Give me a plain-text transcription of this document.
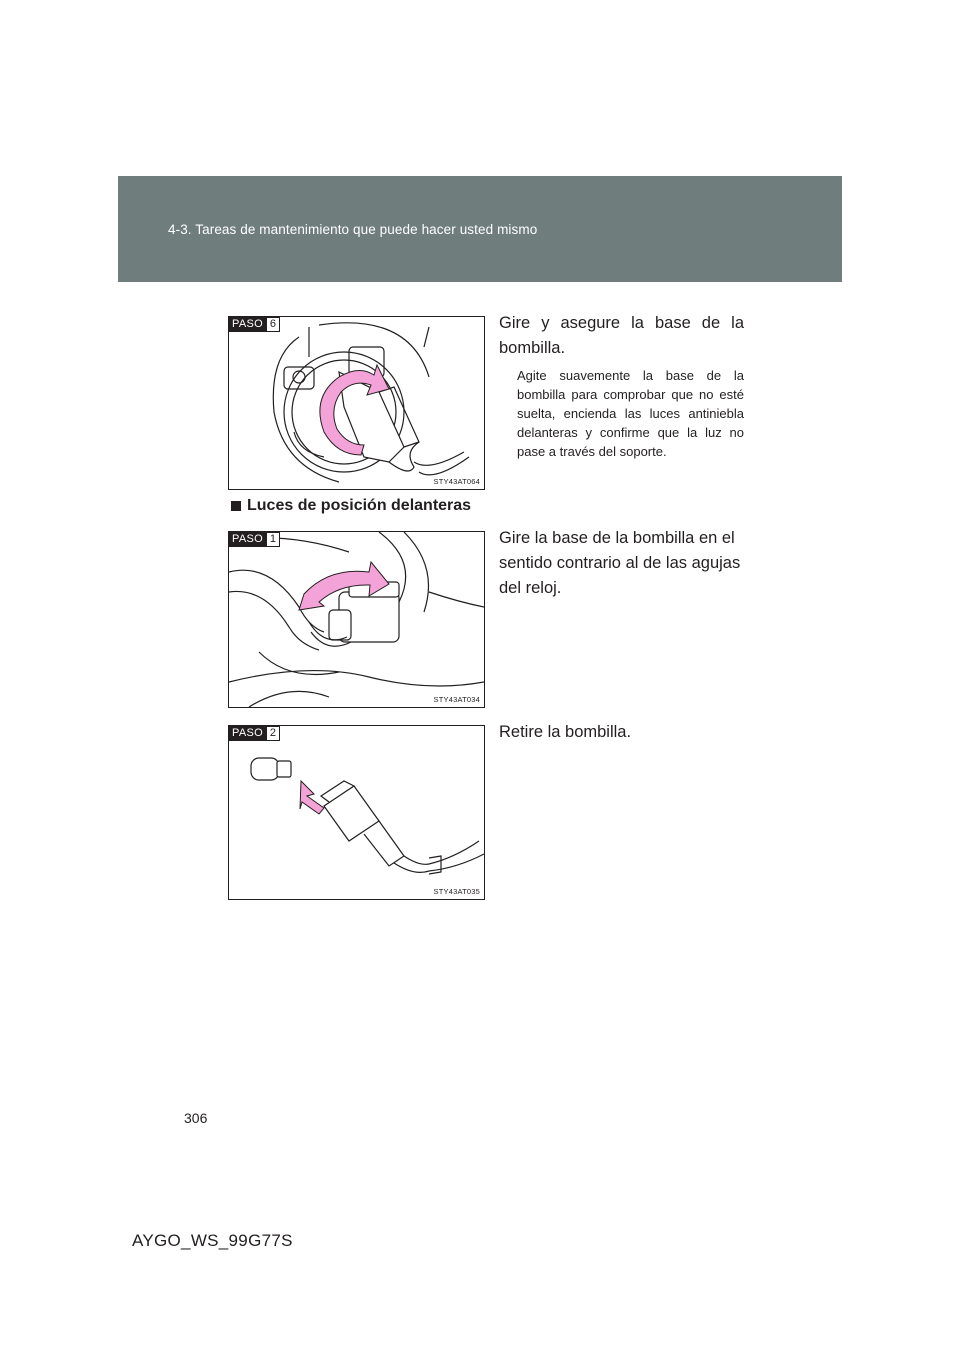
4-3. Tareas de mantenimiento que puede hacer usted mismo
PASO 6
STY43AT064

Gire y asegure la base de la bombilla.

Agite suavemente la base de la bombilla para comprobar que no esté suelta, encienda las luces antiniebla delanteras y confirme que la luz no pase a través del soporte.

Luces de posición delanteras
PASO 1
STY43AT034

Gire la base de la bombilla en el sentido contrario al de las agujas del reloj.

PASO 2
STY43AT035

Retire la bombilla.

306
AYGO_WS_99G77S
